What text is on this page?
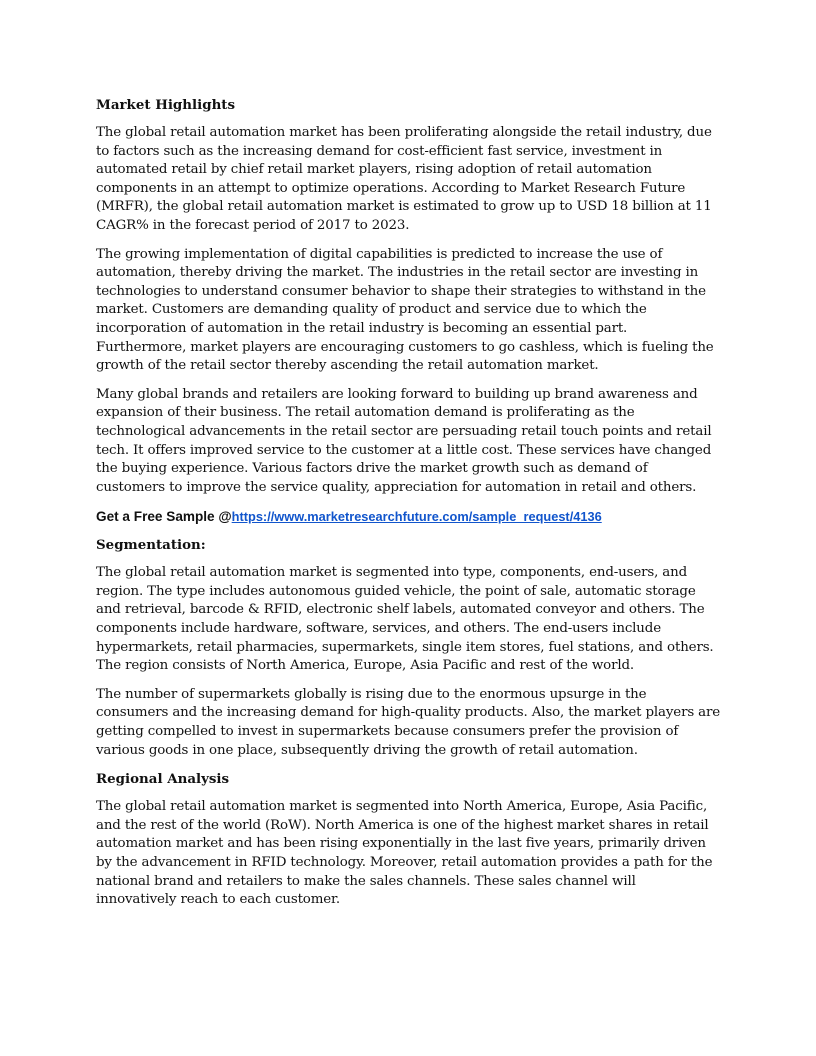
Market Highlights

The global retail automation market has been proliferating alongside the retail industry, due to factors such as the increasing demand for cost-efficient fast service, investment in automated retail by chief retail market players, rising adoption of retail automation components in an attempt to optimize operations. According to Market Research Future (MRFR), the global retail automation market is estimated to grow up to USD 18 billion at 11 CAGR% in the forecast period of 2017 to 2023.

The growing implementation of digital capabilities is predicted to increase the use of automation, thereby driving the market. The industries in the retail sector are investing in technologies to understand consumer behavior to shape their strategies to withstand in the market. Customers are demanding quality of product and service due to which the incorporation of automation in the retail industry is becoming an essential part. Furthermore, market players are encouraging customers to go cashless, which is fueling the growth of the retail sector thereby ascending the retail automation market.

Many global brands and retailers are looking forward to building up brand awareness and expansion of their business. The retail automation demand is proliferating as the technological advancements in the retail sector are persuading retail touch points and retail tech. It offers improved service to the customer at a little cost. These services have changed the buying experience. Various factors drive the market growth such as demand of customers to improve the service quality, appreciation for automation in retail and others.

Get a Free Sample @https://www.marketresearchfuture.com/sample_request/4136
Segmentation:

The global retail automation market is segmented into type, components, end-users, and region. The type includes autonomous guided vehicle, the point of sale, automatic storage and retrieval, barcode & RFID, electronic shelf labels, automated conveyor and others. The components include hardware, software, services, and others. The end-users include hypermarkets, retail pharmacies, supermarkets, single item stores, fuel stations, and others. The region consists of North America, Europe, Asia Pacific and rest of the world.

The number of supermarkets globally is rising due to the enormous upsurge in the consumers and the increasing demand for high-quality products. Also, the market players are getting compelled to invest in supermarkets because consumers prefer the provision of various goods in one place, subsequently driving the growth of retail automation.

Regional Analysis

The global retail automation market is segmented into North America, Europe, Asia Pacific, and the rest of the world (RoW). North America is one of the highest market shares in retail automation market and has been rising exponentially in the last five years, primarily driven by the advancement in RFID technology. Moreover, retail automation provides a path for the national brand and retailers to make the sales channels. These sales channel will innovatively reach to each customer.
